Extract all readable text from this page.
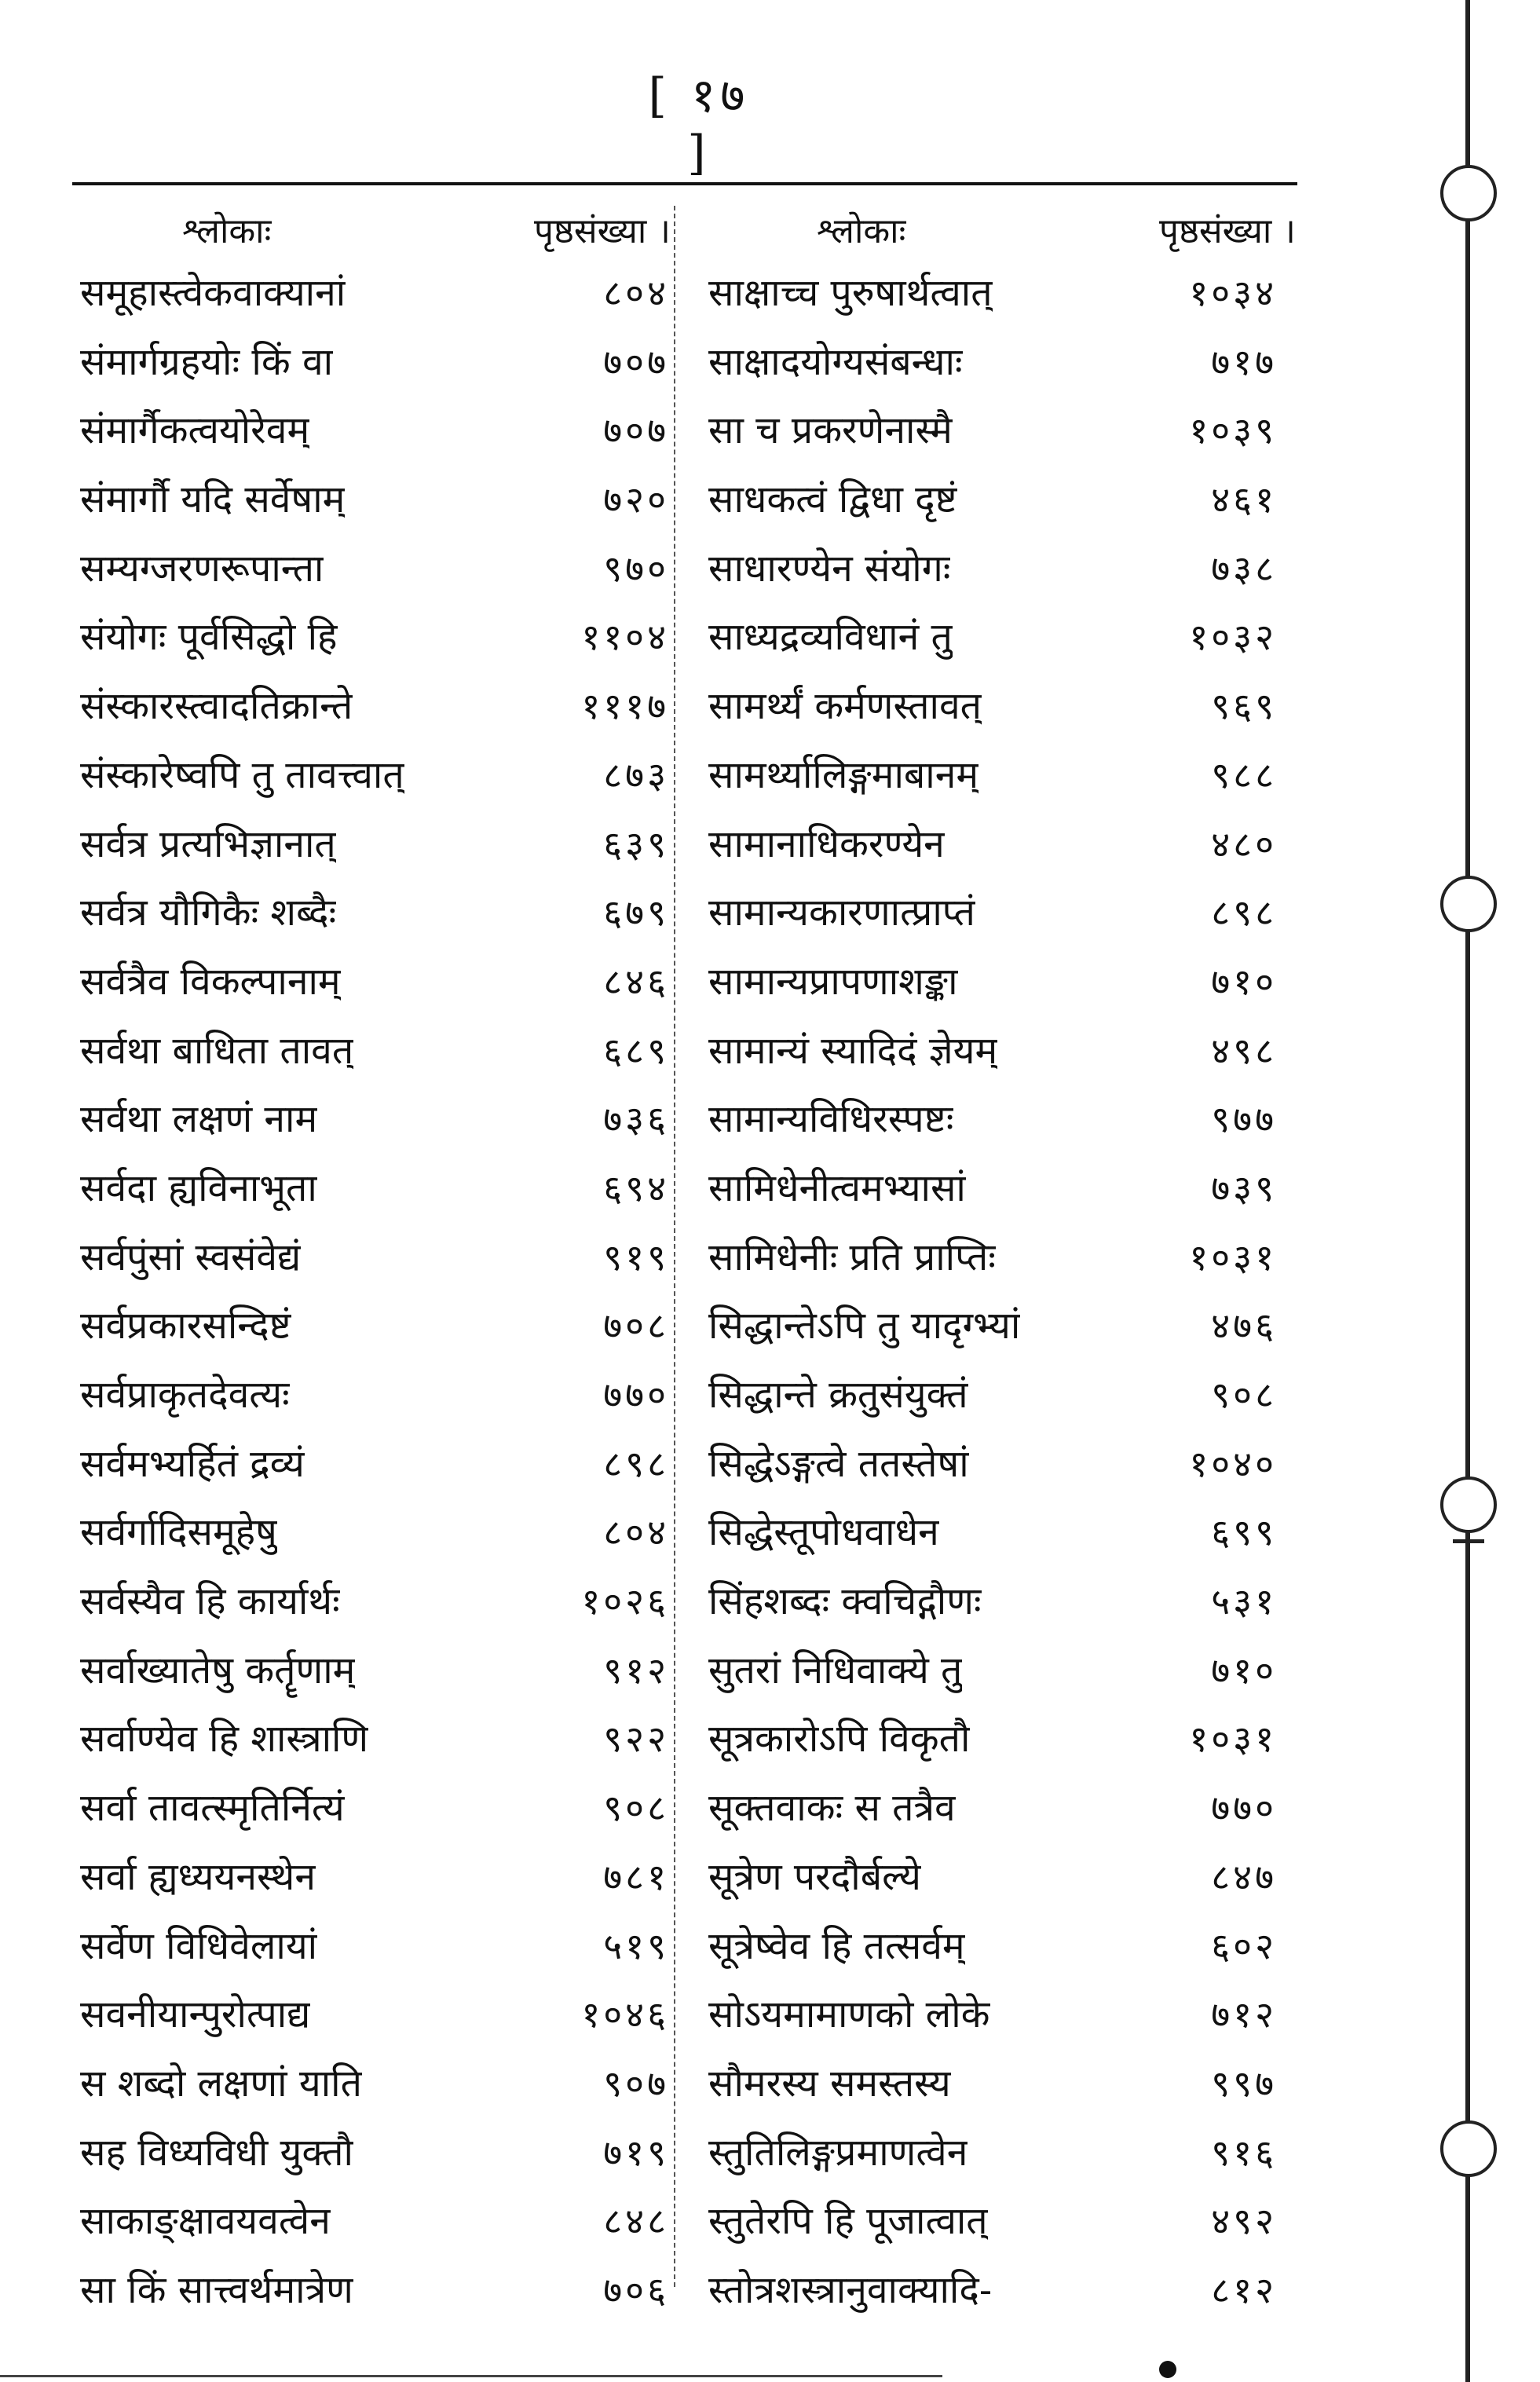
[ १७ ]
श्लोकाः	पृष्ठसंख्या ।
समूहास्त्वेकवाक्यानां	८०४
संमार्गग्रहयोः किं वा	७०७
संमार्गैकत्वयोरेवम्	७०७
संमार्गौ यदि सर्वेषाम्	७२०
सम्यग्जरणरूपान्ता	९७०
संयोगः पूर्वसिद्धो हि	११०४
संस्कारस्त्वादतिक्रान्ते	१११७
संस्कारेष्वपि तु तावत्त्वात्	८७३
सर्वत्र प्रत्यभिज्ञानात्	६३९
सर्वत्र यौगिकैः शब्दैः	६७९
सर्वत्रैव विकल्पानाम्	८४६
सर्वथा बाधिता तावत्	६८९
सर्वथा लक्षणं नाम	७३६
सर्वदा ह्यविनाभूता	६९४
सर्वपुंसां स्वसंवेद्यं	९१९
सर्वप्रकारसन्दिष्टं	७०८
सर्वप्राकृतदेवत्यः	७७०
सर्वमभ्यर्हितं द्रव्यं	८९८
सर्वर्गादिसमूहेषु	८०४
सर्वस्यैव हि कार्यार्थः	१०२६
सर्वाख्यातेषु कर्तॄणाम्	९१२
सर्वाण्येव हि शास्त्राणि	९२२
सर्वा तावत्स्मृतिर्नित्यं	९०८
सर्वा ह्यध्ययनस्थेन	७८१
सर्वेण विधिवेलायां	५१९
सवनीयान्पुरोत्पाद्य	१०४६
स शब्दो लक्षणां याति	९०७
सह विध्यविधी युक्तौ	७१९
साकाङ्क्षावयवत्वेन	८४८
सा किं सात्त्वर्थमात्रेण	७०६
श्लोकाः	पृष्ठसंख्या ।
साक्षाच्च पुरुषार्थत्वात्	१०३४
साक्षादयोग्यसंबन्धाः	७१७
सा च प्रकरणेनास्मै	१०३९
साधकत्वं द्विधा दृष्टं	४६१
साधारण्येन संयोगः	७३८
साध्यद्रव्यविधानं तु	१०३२
सामर्थ्यं कर्मणस्तावत्	९६९
सामर्थ्यालिङ्गमाबानम्	९८८
सामानाधिकरण्येन	४८०
सामान्यकारणात्प्राप्तं	८९८
सामान्यप्रापणाशङ्का	७१०
सामान्यं स्यादिदं ज्ञेयम्	४९८
सामान्यविधिरस्पष्टः	९७७
सामिधेनीत्वमभ्यासां	७३९
सामिधेनीः प्रति प्राप्तिः	१०३१
सिद्धान्तेऽपि तु यादृग्भ्यां	४७६
सिद्धान्ते क्रतुसंयुक्तं	९०८
सिद्धेऽङ्गत्वे ततस्तेषां	१०४०
सिद्धेस्तूपोधवाधेन	६९९
सिंहशब्दः क्वचिद्गौणः	५३१
सुतरां निधिवाक्ये तु	७१०
सूत्रकारोऽपि विकृतौ	१०३१
सूक्तवाकः स तत्रैव	७७०
सूत्रेण परदौर्बल्ये	८४७
सूत्रेष्वेव हि तत्सर्वम्	६०२
सोऽयमामाणको लोके	७१२
सौमरस्य समस्तस्य	९९७
स्तुतिलिङ्गप्रमाणत्वेन	९१६
स्तुतेरपि हि पूजात्वात्	४९२
स्तोत्रशस्त्रानुवाक्यादि-	८१२
